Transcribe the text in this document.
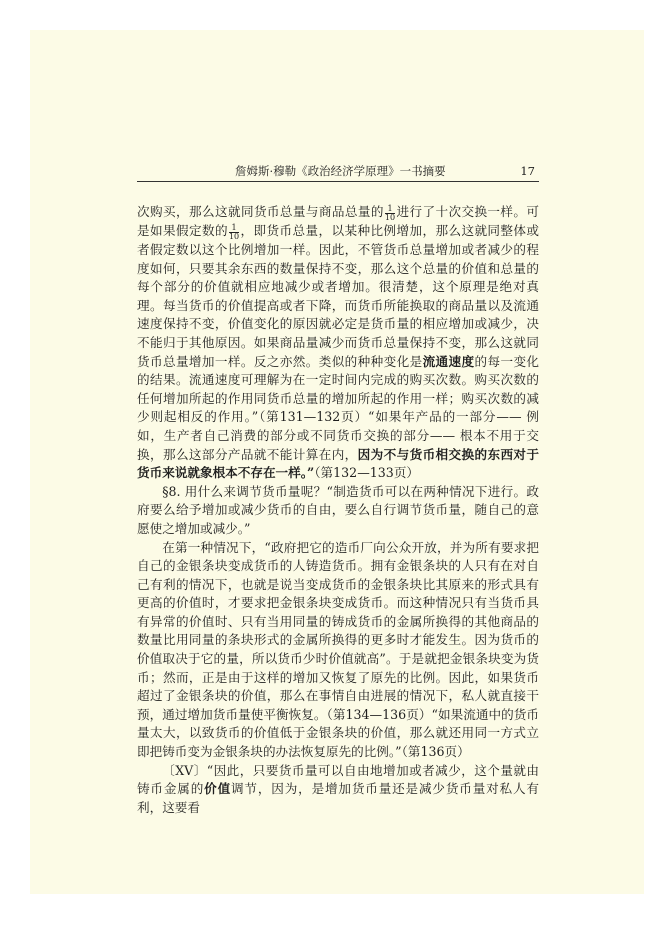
詹姆斯·穆勒《政治经济学原理》一书摘要	17

次购买，那么这就同货币总量与商品总量的 $\frac{1}{10}$ 进行了十次交换一样。可是如果假定数的 $\frac{1}{10}$ ，即货币总量，以某种比例增加，那么这就同整体或者假定数以这个比例增加一样。因此，不管货币总量增加或者减少的程度如何，只要其余东西的数量保持不变，那么这个总量的价值和总量的每个部分的价值就相应地减少或者增加。很清楚，这个原理是绝对真理。每当货币的价值提高或者下降，而货币所能换取的商品量以及流通速度保持不变，价值变化的原因就必定是货币量的相应增加或减少，决不能归于其他原因。如果商品量减少而货币总量保持不变，那么这就同货币总量增加一样。反之亦然。类似的种种变化是流通速度的每一变化的结果。流通速度可理解为在一定时间内完成的购买次数。购买次数的任何增加所起的作用同货币总量的增加所起的作用一样；购买次数的减少则起相反的作用。”（第131—132页）“如果年产品的一部分—— 例如，生产者自己消费的部分或不同货币交换的部分—— 根本不用于交换，那么这部分产品就不能计算在内，因为不与货币相交换的东西对于货币来说就象根本不存在一样。”（第132—133页）

§8. 用什么来调节货币量呢？“制造货币可以在两种情况下进行。政府要么给予增加或减少货币的自由，要么自行调节货币量，随自己的意愿使之增加或减少。”

在第一种情况下，“政府把它的造币厂向公众开放，并为所有要求把自己的金银条块变成货币的人铸造货币。拥有金银条块的人只有在对自己有利的情况下，也就是说当变成货币的金银条块比其原来的形式具有更高的价值时，才要求把金银条块变成货币。而这种情况只有当货币具有异常的价值时、只有当用同量的铸成货币的金属所换得的其他商品的数量比用同量的条块形式的金属所换得的更多时才能发生。因为货币的价值取决于它的量，所以货币少时价值就高”。于是就把金银条块变为货币；然而，正是由于这样的增加又恢复了原先的比例。因此，如果货币超过了金银条块的价值，那么在事情自由进展的情况下，私人就直接干预，通过增加货币量使平衡恢复。（第134—136页）“如果流通中的货币量太大，以致货币的价值低于金银条块的价值，那么就还用同一方式立即把铸币变为金银条块的办法恢复原先的比例。”（第136页）

〔XV〕“因此，只要货币量可以自由地增加或者减少，这个量就由铸币金属的价值调节，因为，是增加货币量还是减少货币量对私人有利，这要看
